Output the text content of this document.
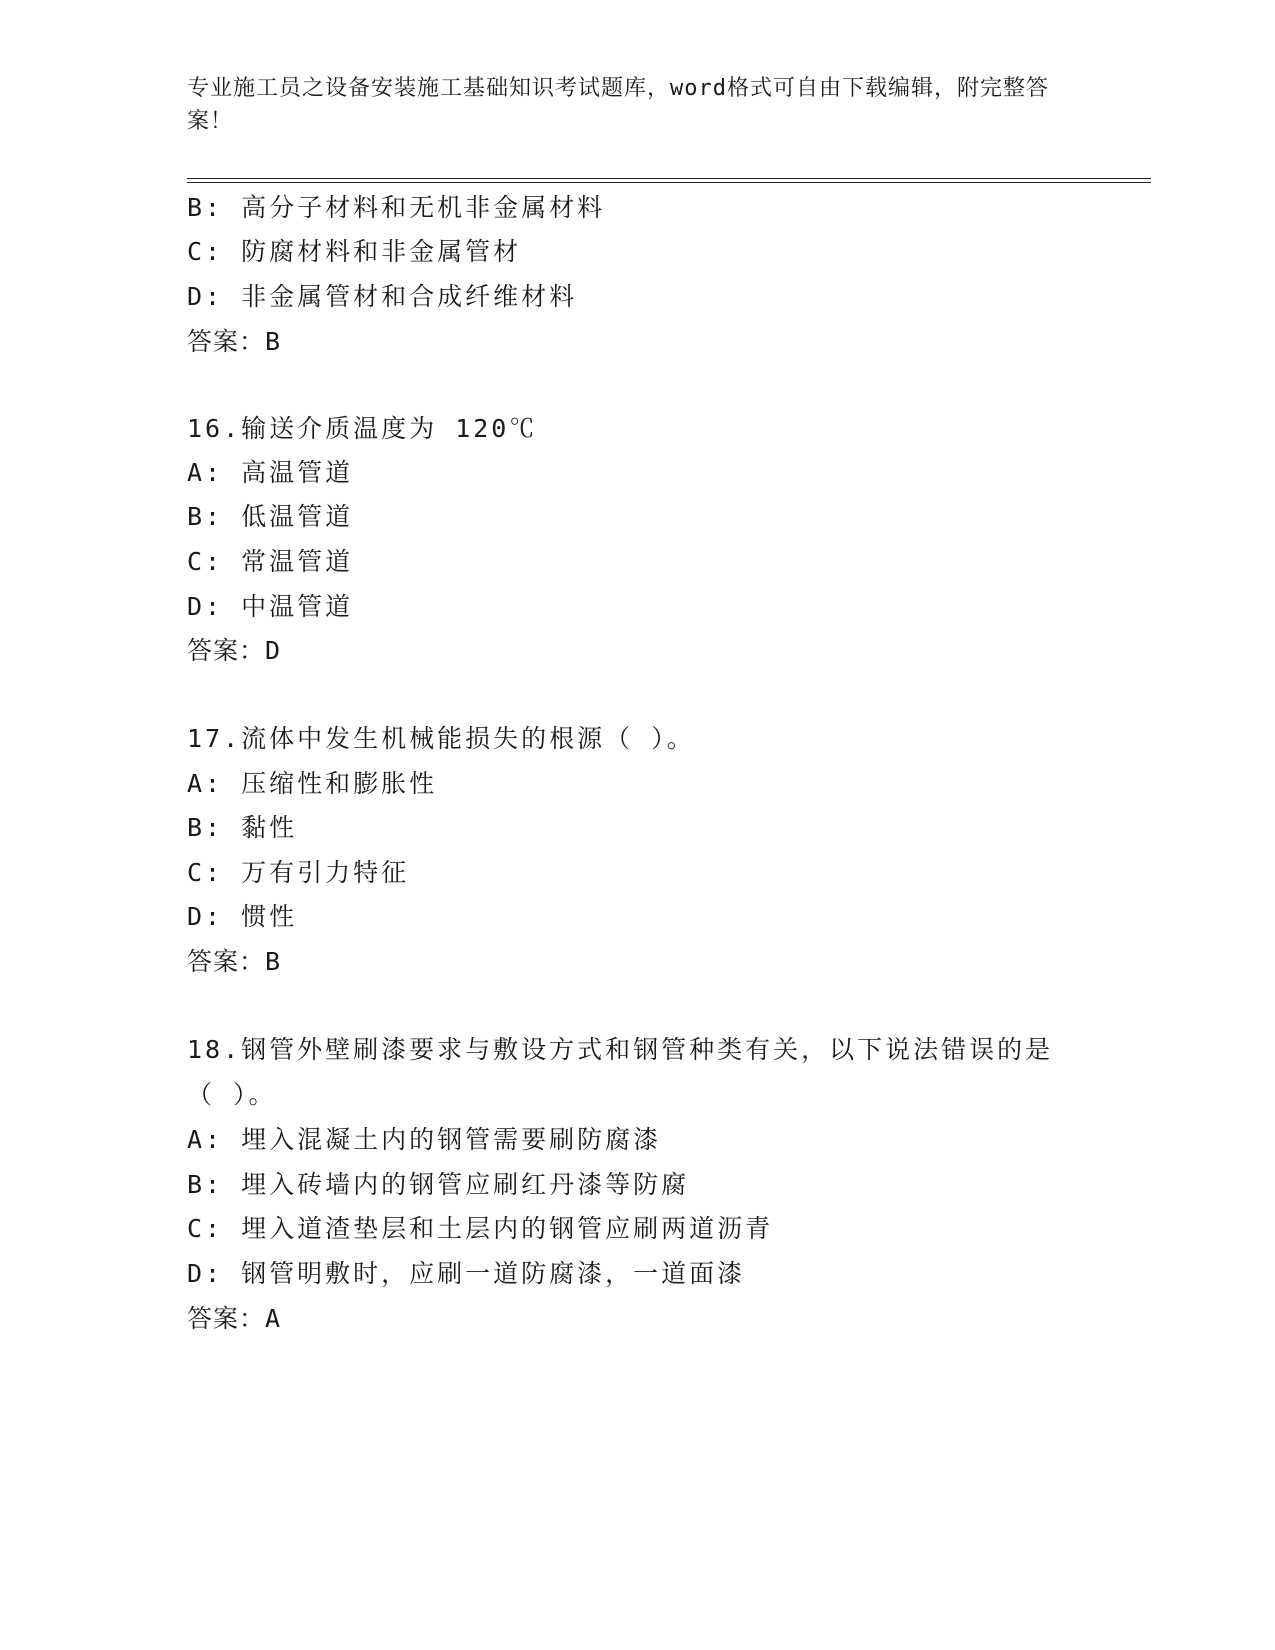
专业施工员之设备安装施工基础知识考试题库，word格式可自由下载编辑，附完整答案！
B: 高分子材料和无机非金属材料
C: 防腐材料和非金属管材
D: 非金属管材和合成纤维材料
答案：B
16.输送介质温度为 120℃
A: 高温管道
B: 低温管道
C: 常温管道
D: 中温管道
答案：D
17.流体中发生机械能损失的根源（ ）。
A: 压缩性和膨胀性
B: 黏性
C: 万有引力特征
D: 惯性
答案：B
18.钢管外壁刷漆要求与敷设方式和钢管种类有关，以下说法错误的是
（ ）。
A: 埋入混凝土内的钢管需要刷防腐漆
B: 埋入砖墙内的钢管应刷红丹漆等防腐
C: 埋入道渣垫层和土层内的钢管应刷两道沥青
D: 钢管明敷时，应刷一道防腐漆，一道面漆
答案：A
